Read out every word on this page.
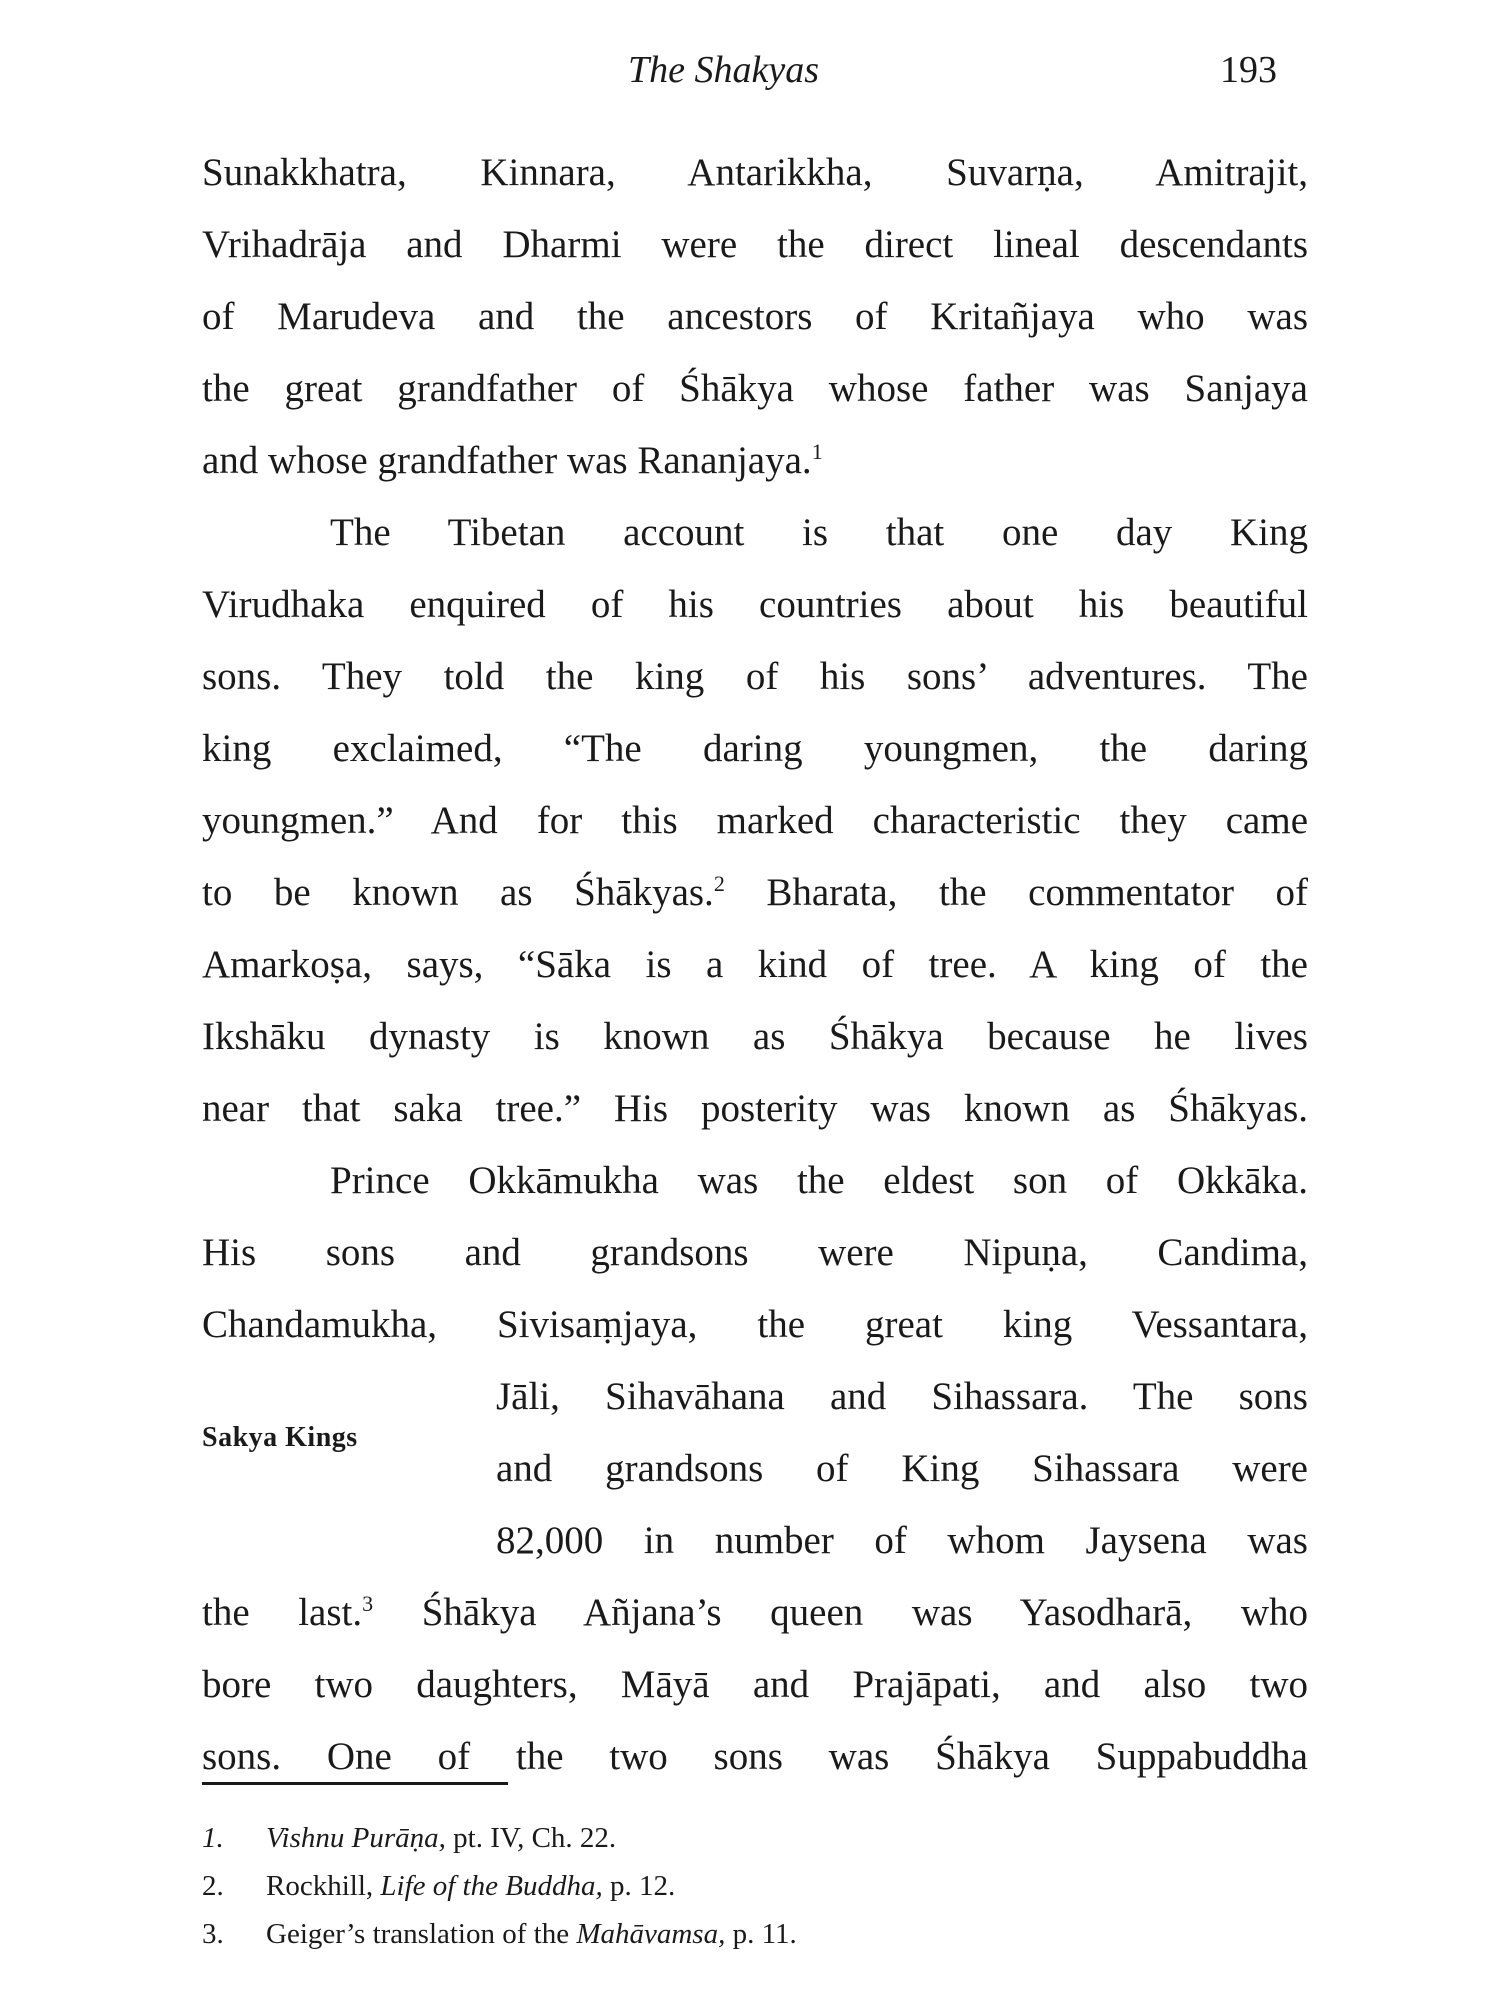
The Shakyas	193
Sunakkhatra, Kinnara, Antarikkha, Suvarṇa, Amitrajit,
Vrihadrāja and Dharmi were the direct lineal descendants
of Marudeva and the ancestors of Kritañjaya who was
the great grandfather of Śhākya whose father was Sanjaya
and whose grandfather was Rananjaya.$^1$
The Tibetan account is that one day King
Virudhaka enquired of his countries about his beautiful
sons. They told the king of his sons’ adventures. The
king exclaimed, “The daring youngmen, the daring
youngmen.” And for this marked characteristic they came
to be known as Śhākyas.$^2$ Bharata, the commentator of
Amarkoṣa, says, “Sāka is a kind of tree. A king of the
Ikshāku dynasty is known as Śhākya because he lives
near that saka tree.” His posterity was known as Śhākyas.
Prince Okkāmukha was the eldest son of Okkāka.
His sons and grandsons were Nipuṇa, Candima,
Chandamukha, Sivisaṃjaya, the great king Vessantara,
Jāli, Sihavāhana and Sihassara. The sons
and grandsons of King Sihassara were
82,000 in number of whom Jaysena was
the last.$^3$ Śhākya Añjana’s queen was Yasodharā, who
bore two daughters, Māyā and Prajāpati, and also two
sons. One of the two sons was Śhākya Suppabuddha
Sakya Kings
1. Vishnu Purāṇa, pt. IV, Ch. 22.
2. Rockhill, Life of the Buddha, p. 12.
3. Geiger’s translation of the Mahāvamsa, p. 11.
